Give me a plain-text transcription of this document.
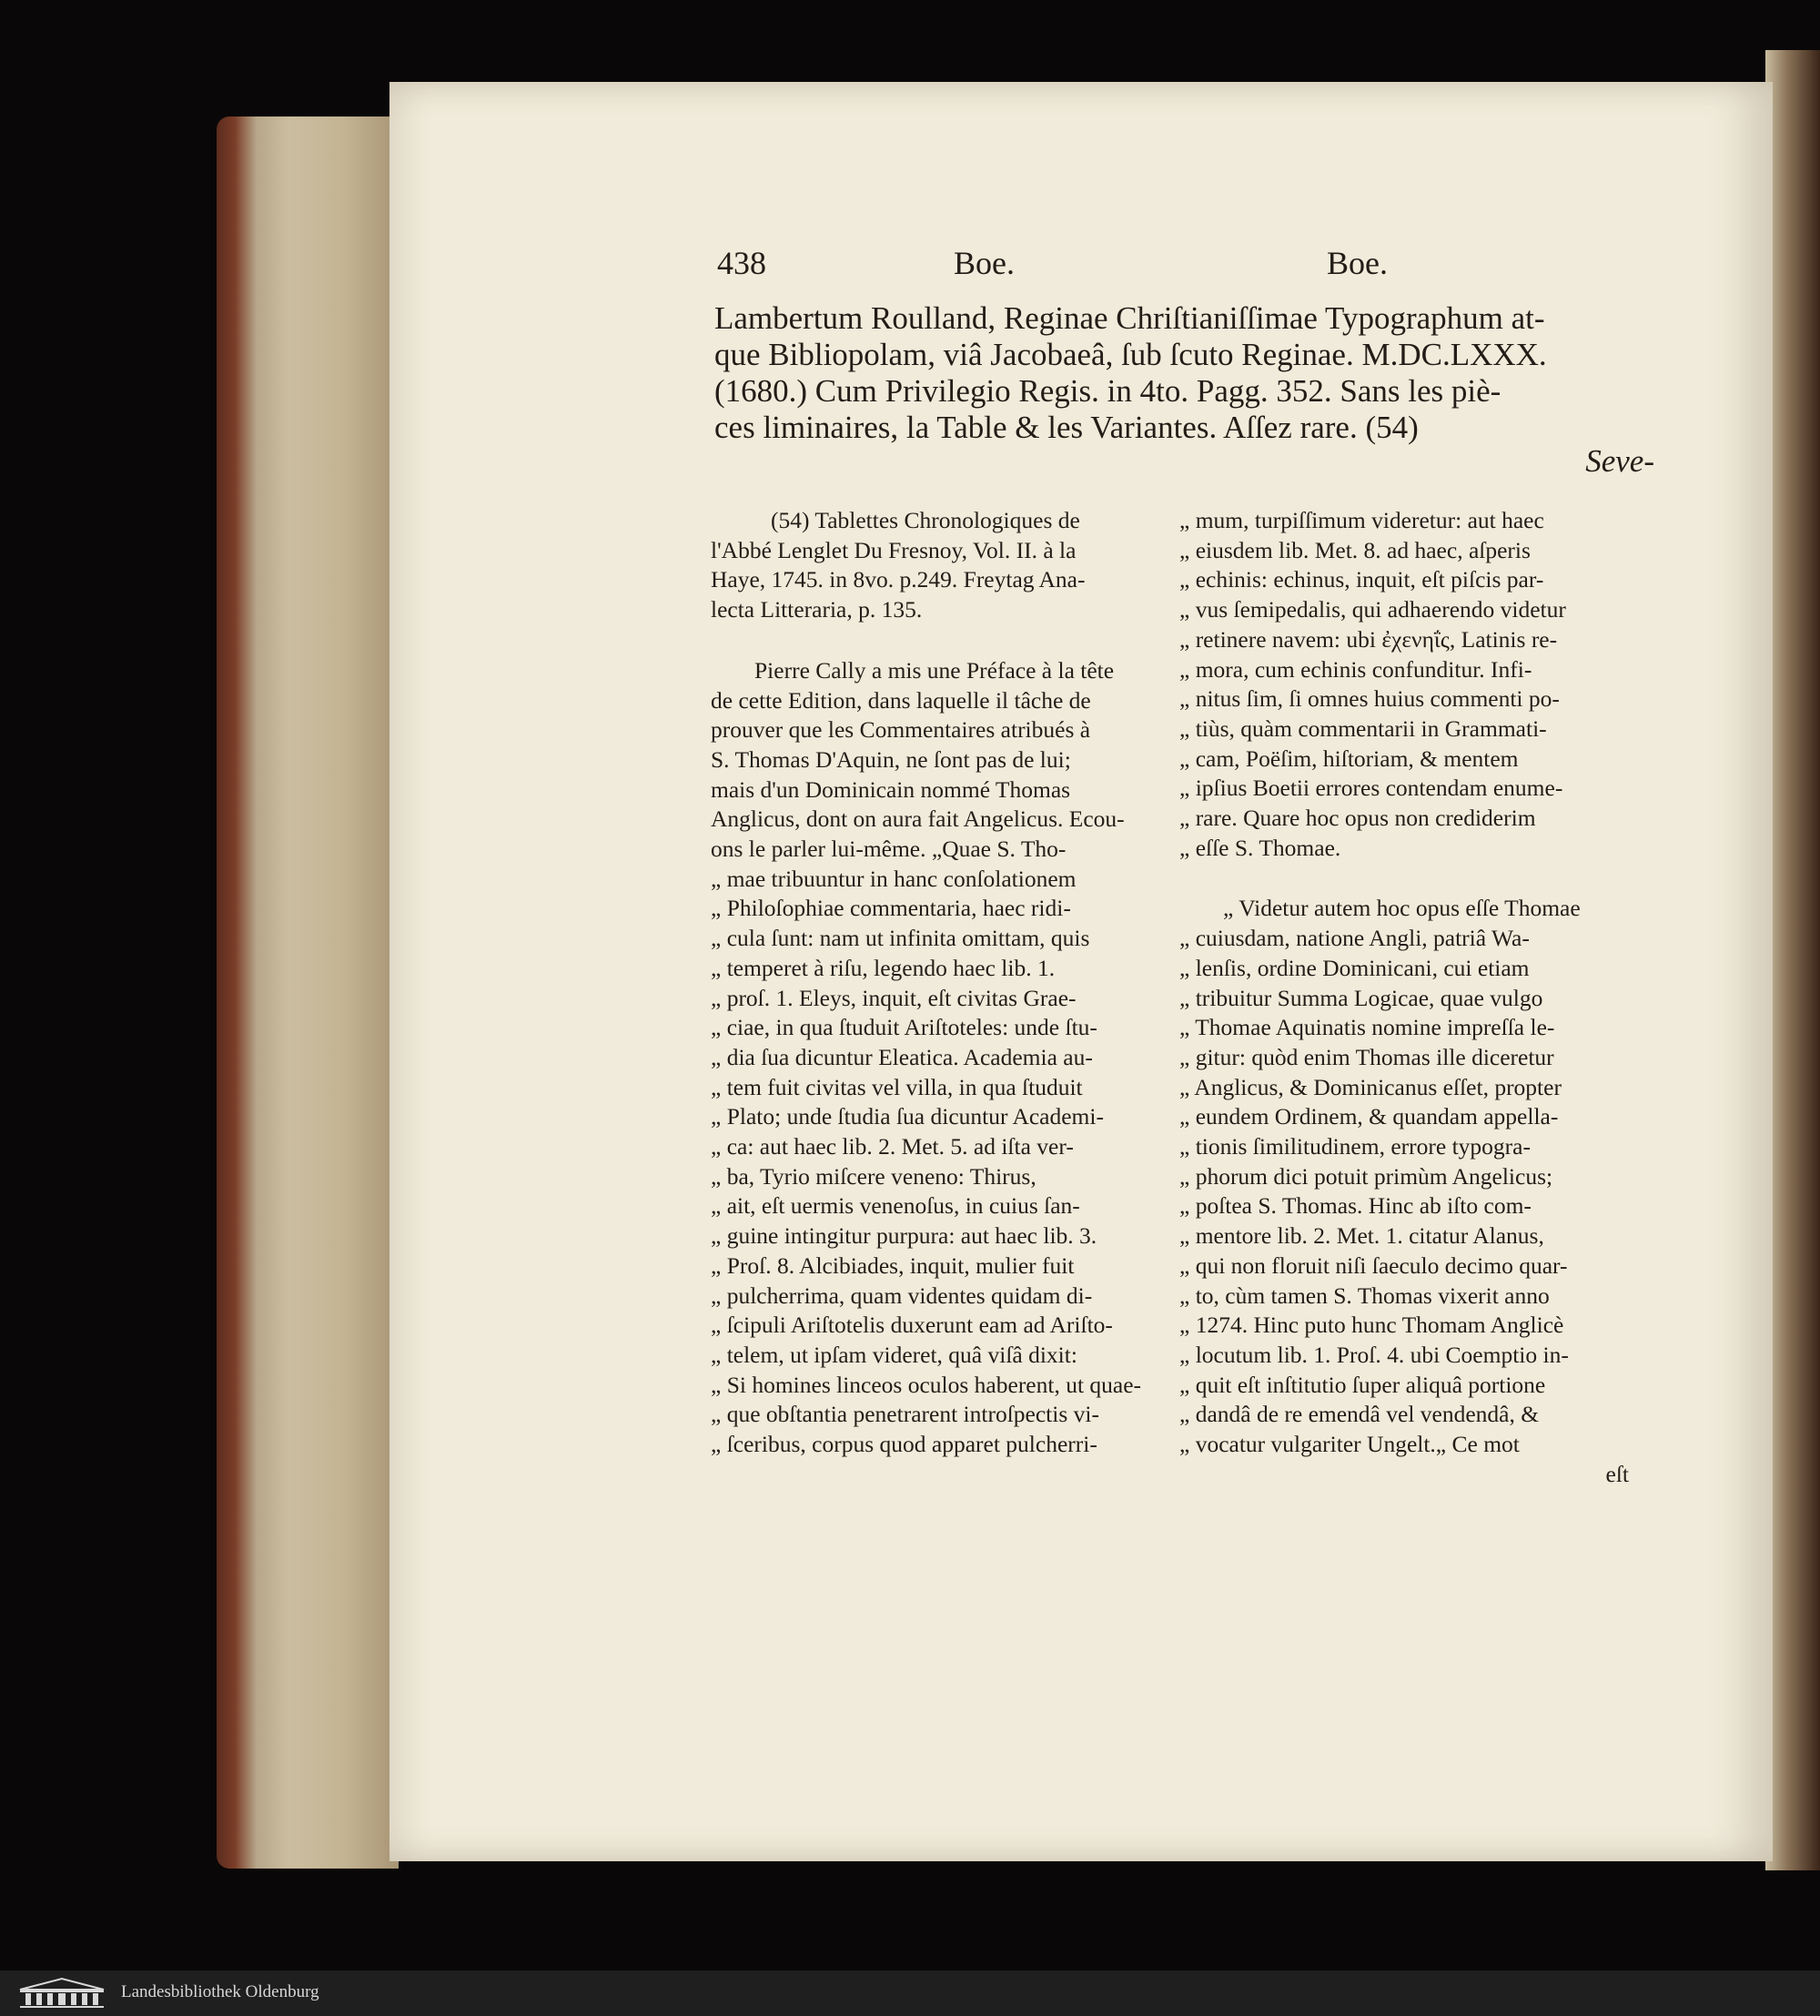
438	Boe.	Boe.

Lambertum Roulland, Reginae Chriſtianiſſimae Typographum at-

que Bibliopolam, viâ Jacobaeâ, ſub ſcuto Reginae. M.DC.LXXX.

(1680.) Cum Privilegio Regis. in 4to. Pagg. 352. Sans les piè-

ces liminaires, la Table & les Variantes. Aſſez rare. (54)

Seve-

(54) Tablettes Chronologiques de

l'Abbé Lenglet Du Fresnoy, Vol. II. à la

Haye, 1745. in 8vo. p.249. Freytag Ana-

lecta Litteraria, p. 135.

Pierre Cally a mis une Préface à la tête

de cette Edition, dans laquelle il tâche de

prouver que les Commentaires atribués à

S. Thomas D'Aquin, ne ſont pas de lui;

mais d'un Dominicain nommé Thomas

Anglicus, dont on aura fait Angelicus. Ecou-

ons le parler lui-même. „Quae S. Tho-

„ mae tribuuntur in hanc conſolationem

„ Philoſophiae commentaria, haec ridi-

„ cula ſunt: nam ut infinita omittam, quis

„ temperet à riſu, legendo haec lib. 1.

„ proſ. 1. Eleys, inquit, eſt civitas Grae-

„ ciae, in qua ſtuduit Ariſtoteles: unde ſtu-

„ dia ſua dicuntur Eleatica. Academia au-

„ tem fuit civitas vel villa, in qua ſtuduit

„ Plato; unde ſtudia ſua dicuntur Academi-

„ ca: aut haec lib. 2. Met. 5. ad iſta ver-

„ ba, Tyrio miſcere veneno: Thirus,

„ ait, eſt uermis venenoſus, in cuius ſan-

„ guine intingitur purpura: aut haec lib. 3.

„ Proſ. 8. Alcibiades, inquit, mulier fuit

„ pulcherrima, quam videntes quidam di-

„ ſcipuli Ariſtotelis duxerunt eam ad Ariſto-

„ telem, ut ipſam videret, quâ viſâ dixit:

„ Si homines linceos oculos haberent, ut quae-

„ que obſtantia penetrarent introſpectis vi-

„ ſceribus, corpus quod apparet pulcherri-

„ mum, turpiſſimum videretur: aut haec

„ eiusdem lib. Met. 8. ad haec, aſperis

„ echinis: echinus, inquit, eſt piſcis par-

„ vus ſemipedalis, qui adhaerendo videtur

„ retinere navem: ubi ἐχενηΐς, Latinis re-

„ mora, cum echinis confunditur. Infi-

„ nitus ſim, ſi omnes huius commenti po-

„ tiùs, quàm commentarii in Grammati-

„ cam, Poëſim, hiſtoriam, & mentem

„ ipſius Boetii errores contendam enume-

„ rare. Quare hoc opus non crediderim

„ eſſe S. Thomae.

„ Videtur autem hoc opus eſſe Thomae

„ cuiusdam, natione Angli, patriâ Wa-

„ lenſis, ordine Dominicani, cui etiam

„ tribuitur Summa Logicae, quae vulgo

„ Thomae Aquinatis nomine impreſſa le-

„ gitur: quòd enim Thomas ille diceretur

„ Anglicus, & Dominicanus eſſet, propter

„ eundem Ordinem, & quandam appella-

„ tionis ſimilitudinem, errore typogra-

„ phorum dici potuit primùm Angelicus;

„ poſtea S. Thomas. Hinc ab iſto com-

„ mentore lib. 2. Met. 1. citatur Alanus,

„ qui non floruit niſi ſaeculo decimo quar-

„ to, cùm tamen S. Thomas vixerit anno

„ 1274. Hinc puto hunc Thomam Anglicè

„ locutum lib. 1. Proſ. 4. ubi Coemptio in-

„ quit eſt inſtitutio ſuper aliquâ portione

„ dandâ de re emendâ vel vendendâ, &

„ vocatur vulgariter Ungelt.„ Ce mot

eſt

Landesbibliothek Oldenburg
